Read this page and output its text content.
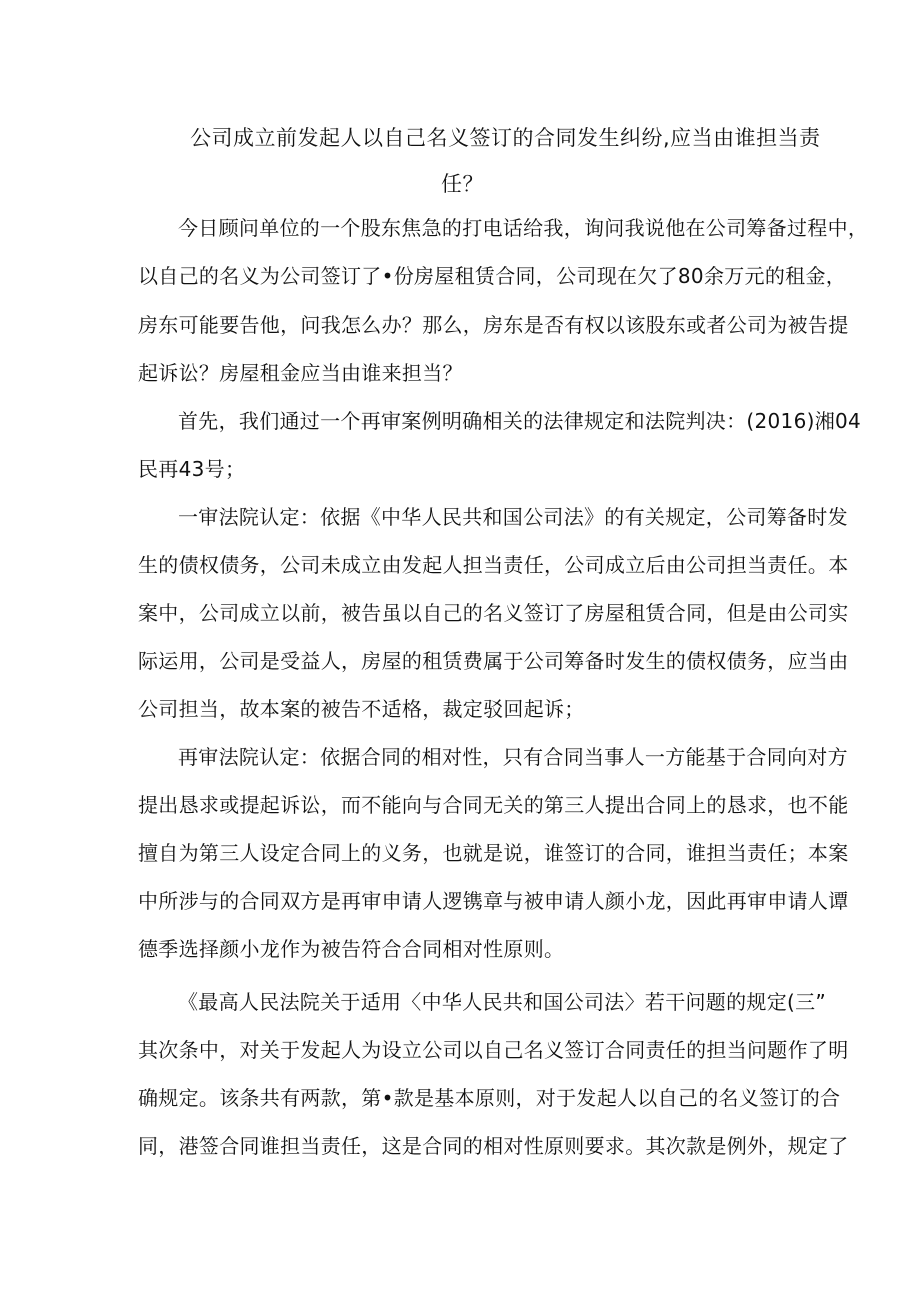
公司成立前发起人以自己名义签订的合同发生纠纷,应当由谁担当责
任？
今日顾问单位的一个股东焦急的打电话给我，询问我说他在公司筹备过程中，
以自己的名义为公司签订了•份房屋租赁合同，公司现在欠了80余万元的租金，
房东可能要告他，问我怎么办？那么，房东是否有权以该股东或者公司为被告提
起诉讼？房屋租金应当由谁来担当？
首先，我们通过一个再审案例明确相关的法律规定和法院判决：(2016)湘04
民再43号；
一审法院认定：依据《中华人民共和国公司法》的有关规定，公司筹备时发
生的债权债务，公司未成立由发起人担当责任，公司成立后由公司担当责任。本
案中，公司成立以前，被告虽以自己的名义签订了房屋租赁合同，但是由公司实
际运用，公司是受益人，房屋的租赁费属于公司筹备时发生的债权债务，应当由
公司担当，故本案的被告不适格，裁定驳回起诉；
再审法院认定：依据合同的相对性，只有合同当事人一方能基于合同向对方
提出恳求或提起诉讼，而不能向与合同无关的第三人提出合同上的恳求，也不能
擅自为第三人设定合同上的义务，也就是说，谁签订的合同，谁担当责任；本案
中所涉与的合同双方是再审申请人逻镌章与被申请人颜小龙，因此再审申请人谭
德季选择颜小龙作为被告符合合同相对性原则。
《最高人民法院关于适用〈中华人民共和国公司法〉若干问题的规定(三”
其次条中，对关于发起人为设立公司以自己名义签订合同责任的担当问题作了明
确规定。该条共有两款，第•款是基本原则，对于发起人以自己的名义签订的合
同，港签合同谁担当责任，这是合同的相对性原则要求。其次款是例外，规定了
